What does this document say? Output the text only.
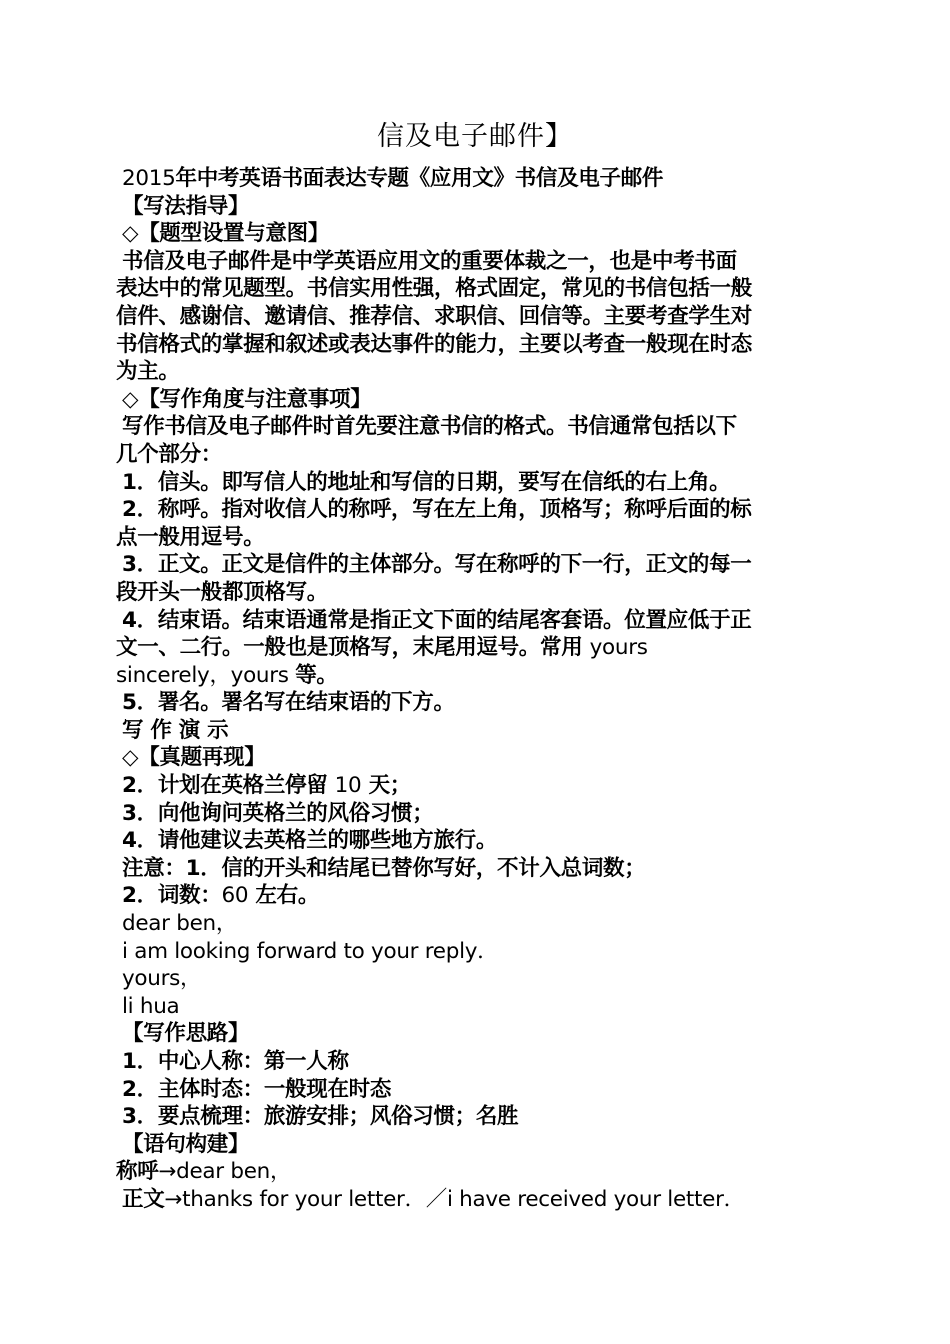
信及电子邮件】
2015年中考英语书面表达专题《应用文》书信及电子邮件
【写法指导】
◇【题型设置与意图】
书信及电子邮件是中学英语应用文的重要体裁之一，也是中考书面
表达中的常见题型。书信实用性强，格式固定，常见的书信包括一般
信件、感谢信、邀请信、推荐信、求职信、回信等。主要考查学生对
书信格式的掌握和叙述或表达事件的能力，主要以考查一般现在时态
为主。
◇【写作角度与注意事项】
写作书信及电子邮件时首先要注意书信的格式。书信通常包括以下
几个部分：
1．信头。即写信人的地址和写信的日期，要写在信纸的右上角。
2．称呼。指对收信人的称呼，写在左上角，顶格写；称呼后面的标
点一般用逗号。
3．正文。正文是信件的主体部分。写在称呼的下一行，正文的每一
段开头一般都顶格写。
4．结束语。结束语通常是指正文下面的结尾客套语。位置应低于正
文一、二行。一般也是顶格写，末尾用逗号。常用 yours
sincerely，yours 等。
5．署名。署名写在结束语的下方。
写 作 演 示
◇【真题再现】
2．计划在英格兰停留 10 天；
3．向他询问英格兰的风俗习惯；
4．请他建议去英格兰的哪些地方旅行。
注意：1．信的开头和结尾已替你写好，不计入总词数；
2．词数：60 左右。
dear ben，
i am looking forward to your reply．
yours，
li hua
【写作思路】
1．中心人称：第一人称
2．主体时态：一般现在时态
3．要点梳理：旅游安排；风俗习惯；名胜
【语句构建】
称呼→dear ben，
正文→thanks for your letter．／i have received your letter．
